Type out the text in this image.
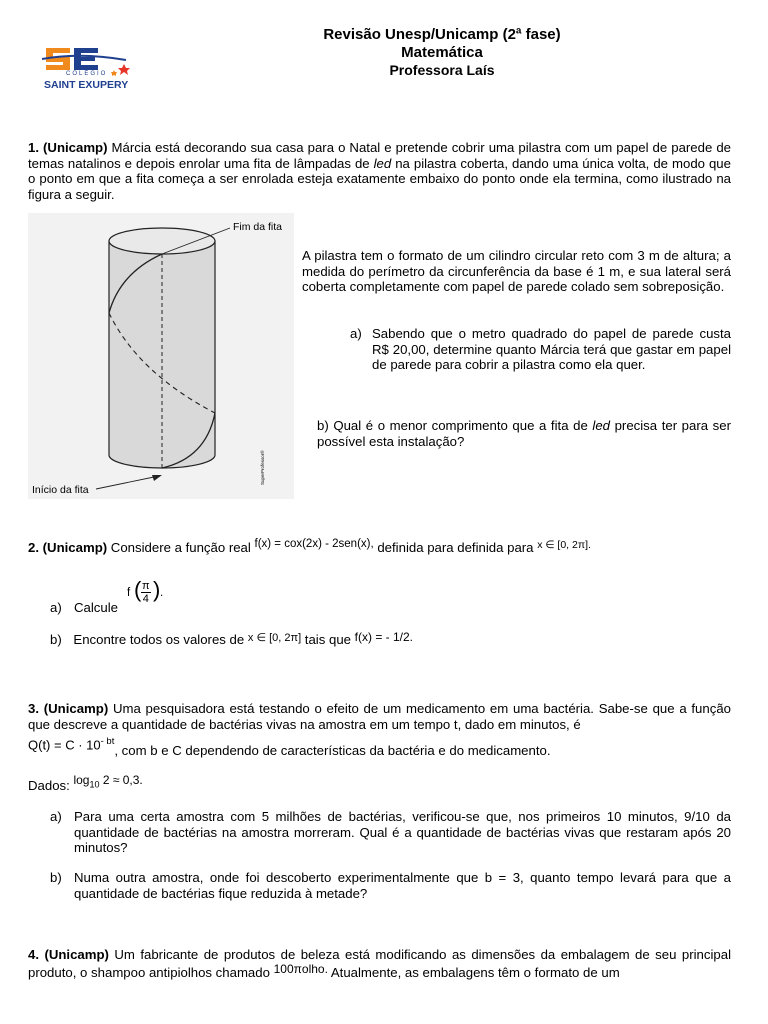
COLÉGIO
SAINT EXUPERY
Revisão Unesp/Unicamp (2ª fase)
Matemática
Professora Laís
1. (Unicamp) Márcia está decorando sua casa para o Natal e pretende cobrir uma pilastra com um papel de parede de temas natalinos e depois enrolar uma fita de lâmpadas de led na pilastra coberta, dando uma única volta, de modo que o ponto em que a fita começa a ser enrolada esteja exatamente embaixo do ponto onde ela termina, como ilustrado na figura a seguir.
Fim da fita
Início da fita
SuperProfessor®
A pilastra tem o formato de um cilindro circular reto com 3 m de altura; a medida do perímetro da circunferência da base é 1 m, e sua lateral será coberta completamente com papel de parede colado sem sobreposição.
a) Sabendo que o metro quadrado do papel de parede custa R$ 20,00, determine quanto Márcia terá que gastar em papel de parede para cobrir a pilastra como ela quer.
b) Qual é o menor comprimento que a fita de led precisa ter para ser possível esta instalação?
2. (Unicamp) Considere a função real f(x) = cox(2x) - 2sen(x), definida para definida para $^{x \in [0, 2\pi].}$
a) Calcule
f ( $\frac{\pi}{4}$ ) .
b) Encontre todos os valores de $^{x \in [0, 2\pi]}$ tais que f(x) = - 1/2.
3. (Unicamp) Uma pesquisadora está testando o efeito de um medicamento em uma bactéria. Sabe-se que a função que descreve a quantidade de bactérias vivas na amostra em um tempo t, dado em minutos, é
$Q(t) = C \cdot 10^{- bt}$, com b e C dependendo de características da bactéria e do medicamento.
Dados: $\log_{10} 2 \approx 0,3$.
a) Para uma certa amostra com 5 milhões de bactérias, verificou-se que, nos primeiros 10 minutos, 9/10 da quantidade de bactérias na amostra morreram. Qual é a quantidade de bactérias vivas que restaram após 20 minutos?
b) Numa outra amostra, onde foi descoberto experimentalmente que b = 3, quanto tempo levará para que a quantidade de bactérias fique reduzida à metade?
4. (Unicamp) Um fabricante de produtos de beleza está modificando as dimensões da embalagem de seu principal produto, o shampoo antipiolhos chamado 100πolho. Atualmente, as embalagens têm o formato de um
